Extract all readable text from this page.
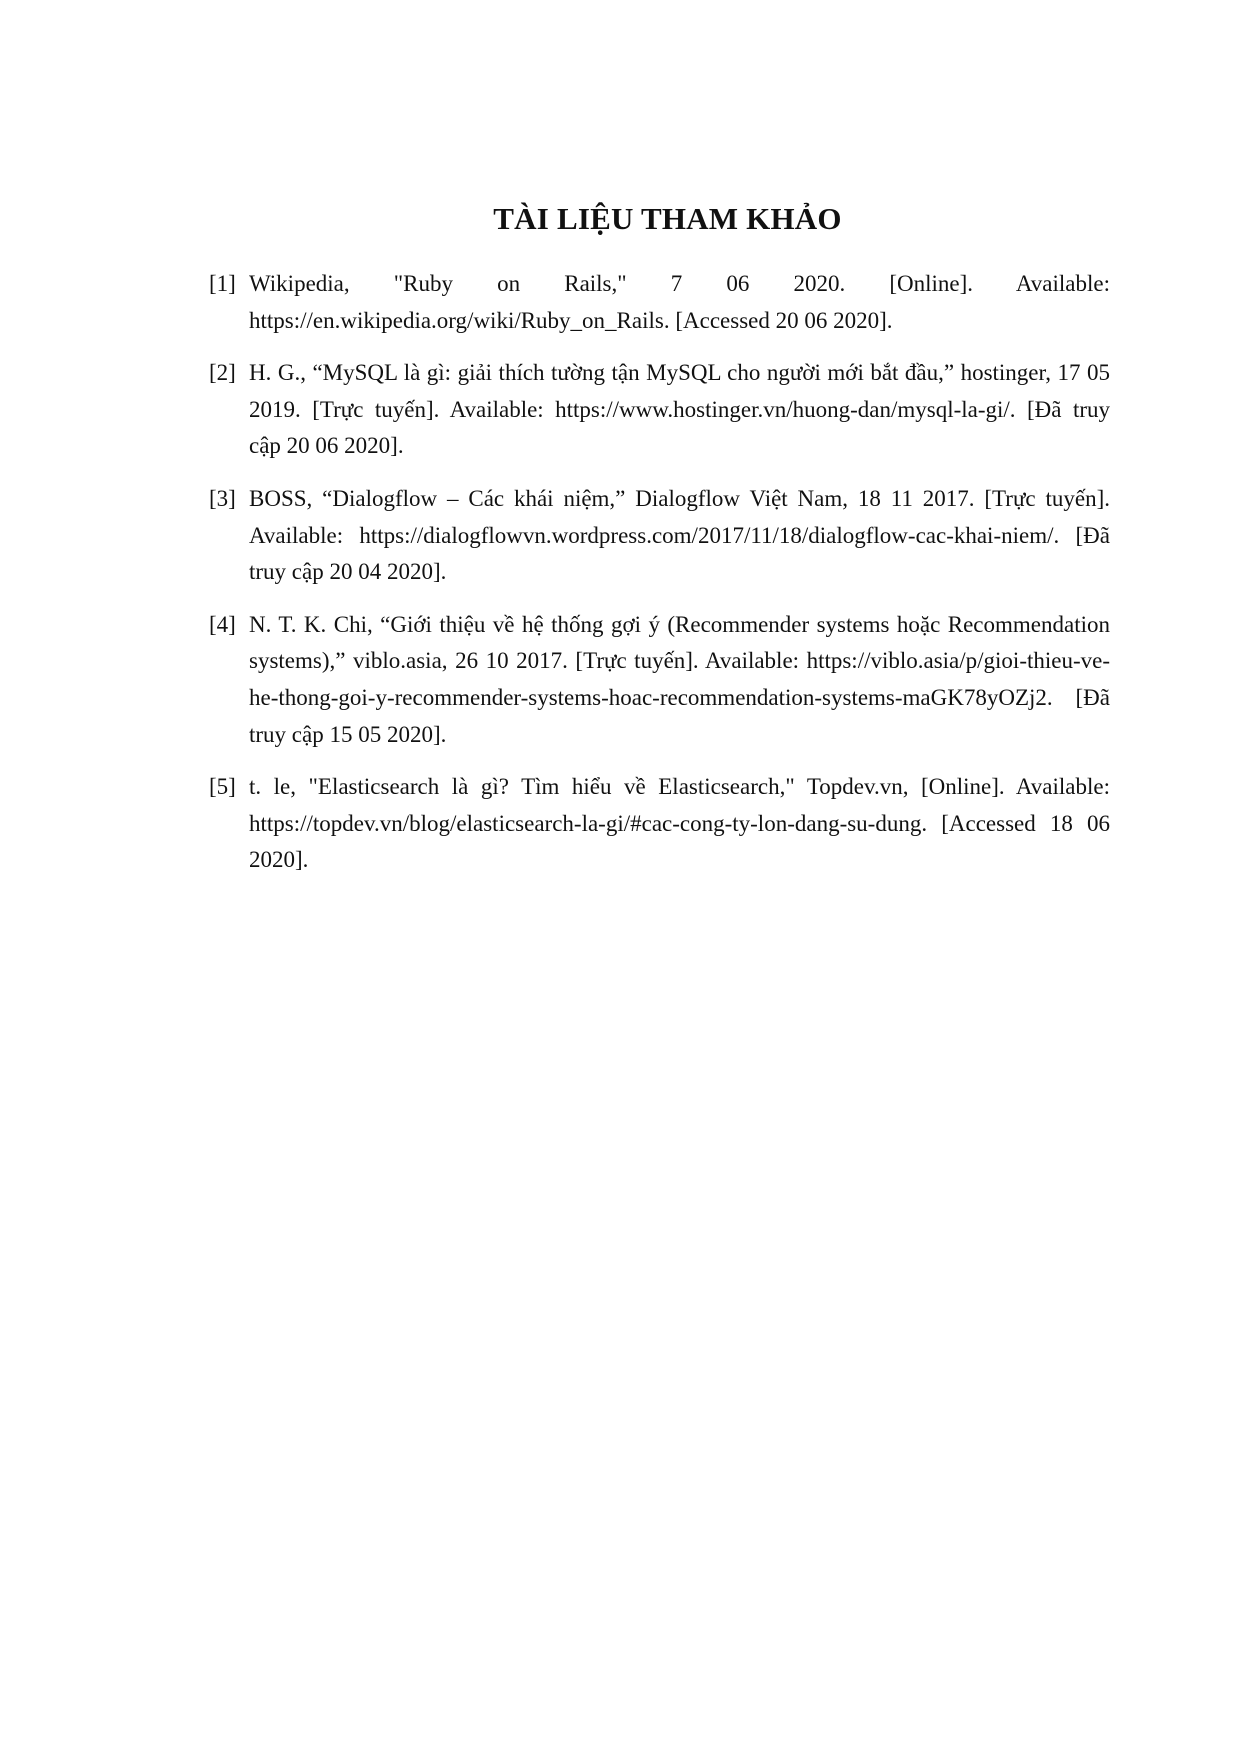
TÀI LIỆU THAM KHẢO
[1] Wikipedia, "Ruby on Rails," 7 06 2020. [Online]. Available: https://en.wikipedia.org/wiki/Ruby_on_Rails. [Accessed 20 06 2020].
[2] H. G., “MySQL là gì: giải thích tường tận MySQL cho người mới bắt đầu,” hostinger, 17 05 2019. [Trực tuyến]. Available: https://www.hostinger.vn/huong-dan/mysql-la-gi/. [Đã truy cập 20 06 2020].
[3] BOSS, “Dialogflow – Các khái niệm,” Dialogflow Việt Nam, 18 11 2017. [Trực tuyến]. Available: https://dialogflowvn.wordpress.com/2017/11/18/dialogflow-cac-khai-niem/. [Đã truy cập 20 04 2020].
[4] N. T. K. Chi, “Giới thiệu về hệ thống gợi ý (Recommender systems hoặc Recommendation systems),” viblo.asia, 26 10 2017. [Trực tuyến]. Available: https://viblo.asia/p/gioi-thieu-ve-he-thong-goi-y-recommender-systems-hoac-recommendation-systems-maGK78yOZj2. [Đã truy cập 15 05 2020].
[5] t. le, "Elasticsearch là gì? Tìm hiểu về Elasticsearch," Topdev.vn, [Online]. Available: https://topdev.vn/blog/elasticsearch-la-gi/#cac-cong-ty-lon-dang-su-dung. [Accessed 18 06 2020].
